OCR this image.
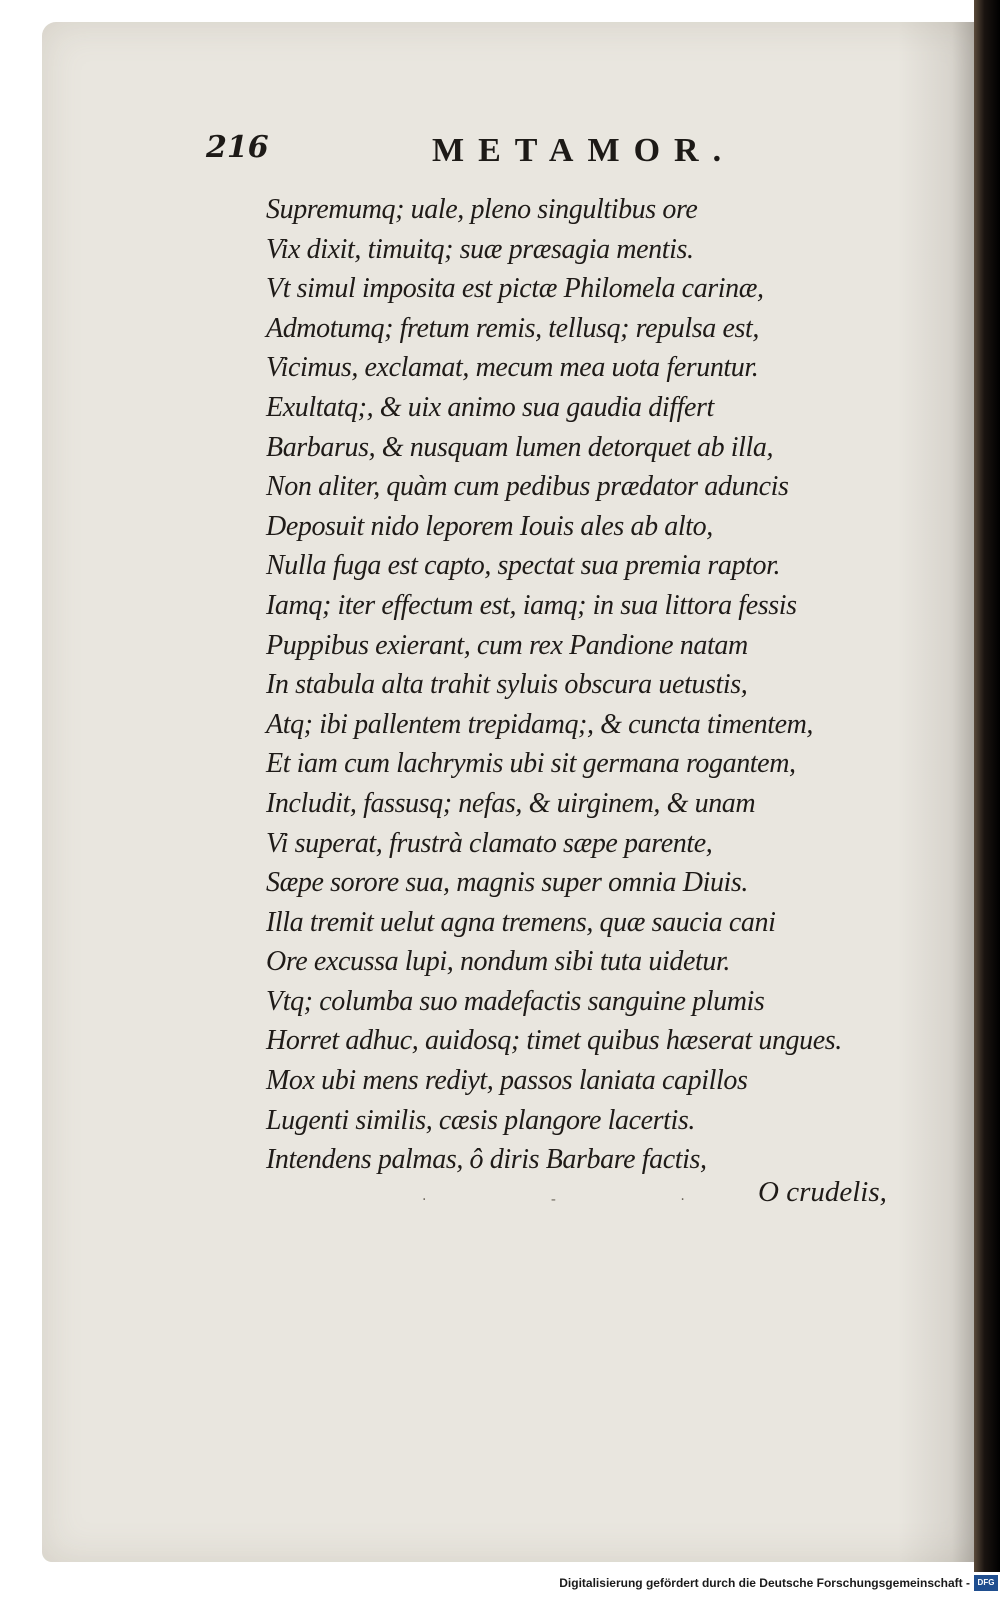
216	METAMOR.
Supremumq; uale, pleno singultibus ore
Vix dixit, timuitq; suæ præsagia mentis.
Vt simul imposita est pictæ Philomela carinæ,
Admotumq; fretum remis, tellusq; repulsa est,
Vicimus, exclamat, mecum mea uota feruntur.
Exultatq;, & uix animo sua gaudia differt
Barbarus, & nusquam lumen detorquet ab illa,
Non aliter, quàm cum pedibus prædator aduncis
Deposuit nido leporem Iouis ales ab alto,
Nulla fuga est capto, spectat sua premia raptor.
Iamq; iter effectum est, iamq; in sua littora fessis
Puppibus exierant, cum rex Pandione natam
In stabula alta trahit syluis obscura uetustis,
Atq; ibi pallentem trepidamq;, & cuncta timentem,
Et iam cum lachrymis ubi sit germana rogantem,
Includit, fassusq; nefas, & uirginem, & unam
Vi superat, frustrà clamato sæpe parente,
Sæpe sorore sua, magnis super omnia Diuis.
Illa tremit uelut agna tremens, quæ saucia cani
Ore excussa lupi, nondum sibi tuta uidetur.
Vtq; columba suo madefactis sanguine plumis
Horret adhuc, auidosq; timet quibus hæserat ungues.
Mox ubi mens rediyt, passos laniata capillos
Lugenti similis, cæsis plangore lacertis.
Intendens palmas, ô diris Barbare factis,
· ‐ · O crudelis,
Digitalisierung gefördert durch die Deutsche Forschungsgemeinschaft - DFG
